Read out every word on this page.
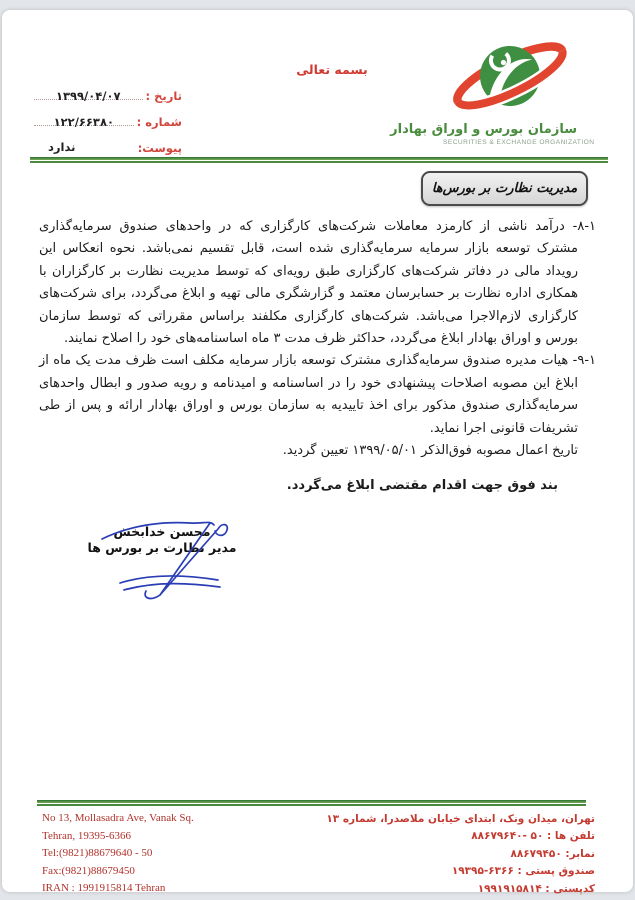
بسمه تعالی
سازمان بورس و اوراق بهادار
SECURITIES & EXCHANGE ORGANIZATION
تاریخ :
۱۳۹۹/۰۴/۰۷
شماره :
۱۲۲/۶۶۳۸۰
پیوست:
ندارد
مدیریت نظارت بر بورس‌ها

۸-۱- درآمد ناشی از کارمزد معاملات شرکت‌های کارگزاری که در واحدهای صندوق سرمایه‌گذاری مشترک توسعه بازار سرمایه سرمایه‌گذاری شده است، قابل تقسیم نمی‌باشد. نحوه انعکاس این رویداد مالی در دفاتر شرکت‌های کارگزاری طبق رویه‌ای که توسط مدیریت نظارت بر کارگزاران با همکاری اداره نظارت بر حسابرسان معتمد و گزارشگری مالی تهیه و ابلاغ می‌گردد، برای شرکت‌های کارگزاری لازم‌الاجرا می‌باشد. شرکت‌های کارگزاری مکلفند براساس مقرراتی که توسط سازمان بورس و اوراق بهادار ابلاغ می‌گردد، حداکثر ظرف مدت ۳ ماه اساسنامه‌های خود را اصلاح نمایند.

۹-۱- هیات مدیره صندوق سرمایه‌گذاری مشترک توسعه بازار سرمایه مکلف است ظرف مدت یک ماه از ابلاغ این مصوبه اصلاحات پیشنهادی خود را در اساسنامه و امیدنامه و رویه صدور و ابطال واحدهای سرمایه‌گذاری صندوق مذکور برای اخذ تاییدیه به سازمان بورس و اوراق بهادار ارائه و پس از طی تشریفات قانونی اجرا نماید.

تاریخ اعمال مصوبه فوق‌الذکر ۱۳۹۹/۰۵/۰۱ تعیین گردید.

بند فوق جهت اقدام مقتضی ابلاغ می‌گردد.

محسن خدابخش
مدیر نظارت بر بورس ها
No 13, Mollasadra Ave, Vanak Sq.
Tehran, 19395-6366
Tel:(9821)88679640 - 50
Fax:(9821)88679450
IRAN : 1991915814 Tehran
تهران، میدان ونک، ابتدای خیابان ملاصدرا، شماره ۱۳
تلفن ها : ۵۰ -۸۸۶۷۹۶۴۰
نمابر: ۸۸۶۷۹۴۵۰
صندوق پستی : ۶۳۶۶-۱۹۳۹۵
کدپستی : ۱۹۹۱۹۱۵۸۱۴
